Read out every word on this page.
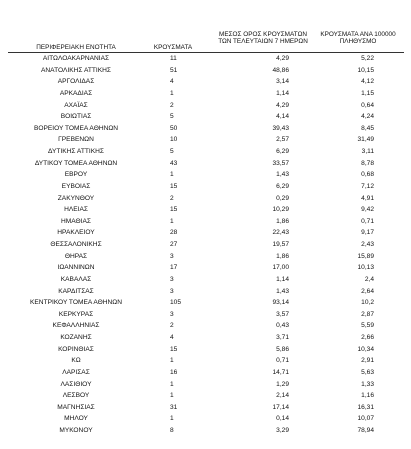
ΠΕΡΙΦΕΡΕΙΑΚΗ ΕΝΟΤΗΤΑ	ΚΡΟΥΣΜΑΤΑ
ΜΕΣΟΣ ΟΡΟΣ ΚΡΟΥΣΜΑΤΩΝ
ΤΩΝ ΤΕΛΕΥΤΑΙΩΝ 7 ΗΜΕΡΩΝ
ΚΡΟΥΣΜΑΤΑ ΑΝΑ 100000
ΠΛΗΘΥΣΜΟ
ΑΙΤΩΛΟΑΚΑΡΝΑΝΙΑΣ	11	4,29	5,22
ΑΝΑΤΟΛΙΚΗΣ ΑΤΤΙΚΗΣ	51	48,86	10,15
ΑΡΓΟΛΙΔΑΣ	4	3,14	4,12
ΑΡΚΑΔΙΑΣ	1	1,14	1,15
ΑΧΑΪΑΣ	2	4,29	0,64
ΒΟΙΩΤΙΑΣ	5	4,14	4,24
ΒΟΡΕΙΟΥ ΤΟΜΕΑ ΑΘΗΝΩΝ	50	39,43	8,45
ΓΡΕΒΕΝΩΝ	10	2,57	31,49
ΔΥΤΙΚΗΣ ΑΤΤΙΚΗΣ	5	6,29	3,11
ΔΥΤΙΚΟΥ ΤΟΜΕΑ ΑΘΗΝΩΝ	43	33,57	8,78
ΕΒΡΟΥ	1	1,43	0,68
ΕΥΒΟΙΑΣ	15	6,29	7,12
ΖΑΚΥΝΘΟΥ	2	0,29	4,91
ΗΛΕΙΑΣ	15	10,29	9,42
ΗΜΑΘΙΑΣ	1	1,86	0,71
ΗΡΑΚΛΕΙΟΥ	28	22,43	9,17
ΘΕΣΣΑΛΟΝΙΚΗΣ	27	19,57	2,43
ΘΗΡΑΣ	3	1,86	15,89
ΙΩΑΝΝΙΝΩΝ	17	17,00	10,13
ΚΑΒΑΛΑΣ	3	1,14	2,4
ΚΑΡΔΙΤΣΑΣ	3	1,43	2,64
ΚΕΝΤΡΙΚΟΥ ΤΟΜΕΑ ΑΘΗΝΩΝ	105	93,14	10,2
ΚΕΡΚΥΡΑΣ	3	3,57	2,87
ΚΕΦΑΛΛΗΝΙΑΣ	2	0,43	5,59
ΚΟΖΑΝΗΣ	4	3,71	2,66
ΚΟΡΙΝΘΙΑΣ	15	5,86	10,34
ΚΩ	1	0,71	2,91
ΛΑΡΙΣΑΣ	16	14,71	5,63
ΛΑΣΙΘΙΟΥ	1	1,29	1,33
ΛΕΣΒΟΥ	1	2,14	1,16
ΜΑΓΝΗΣΙΑΣ	31	17,14	16,31
ΜΗΛΟΥ	1	0,14	10,07
ΜΥΚΟΝΟΥ	8	3,29	78,94
